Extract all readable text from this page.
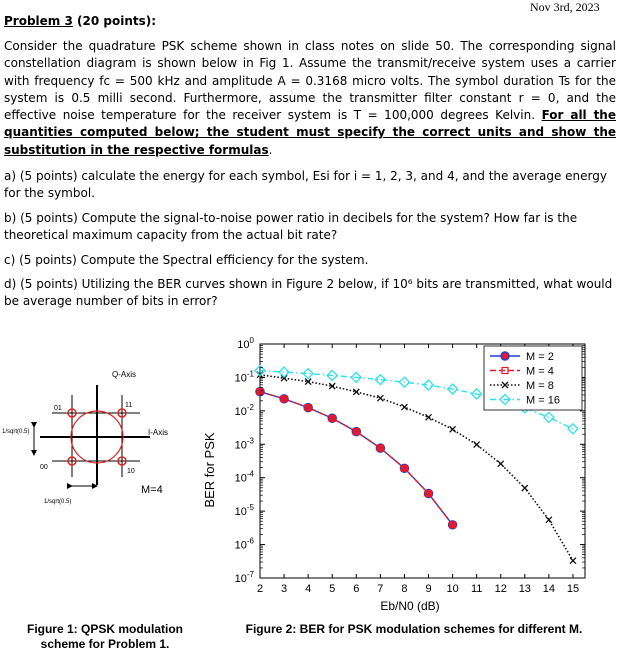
Nov 3rd, 2023
Problem 3 (20 points):
Consider the quadrature PSK scheme shown in class notes on slide 50. The corresponding signal constellation diagram is shown below in Fig 1. Assume the transmit/receive system uses a carrier with frequency fc = 500 kHz and amplitude A = 0.3168 micro volts. The symbol duration Ts for the system is 0.5 milli second. Furthermore, assume the transmitter filter constant r = 0, and the effective noise temperature for the receiver system is T = 100,000 degrees Kelvin. For all the quantities computed below; the student must specify the correct units and show the substitution in the respective formulas.
a) (5 points) calculate the energy for each symbol, Esi for i = 1, 2, 3, and 4, and the average energy for the symbol.
b) (5 points) Compute the signal-to-noise power ratio in decibels for the system? How far is the theoretical maximum capacity from the actual bit rate?
c) (5 points) Compute the Spectral efficiency for the system.
d) (5 points) Utilizing the BER curves shown in Figure 2 below, if 10⁶ bits are transmitted, what would be average number of bits in error?
Q-Axis
01	11
00
10
I-Axis
M=4
1/sqrt(0.5)
1/sqrt(0.5)
2 3 4 5 6 7 8 9 10 11 12 13 14 15
$10^0$
$10^{-1}$
$10^{-2}$
$10^{-3}$
$10^{-4}$
$10^{-5}$
$10^{-6}$
$10^{-7}$
Eb/N0 (dB)
BER for PSK
M = 2
M = 4
M = 8
M = 16
Figure 1: QPSK modulation scheme for Problem 1.
Figure 2: BER for PSK modulation schemes for different M.
